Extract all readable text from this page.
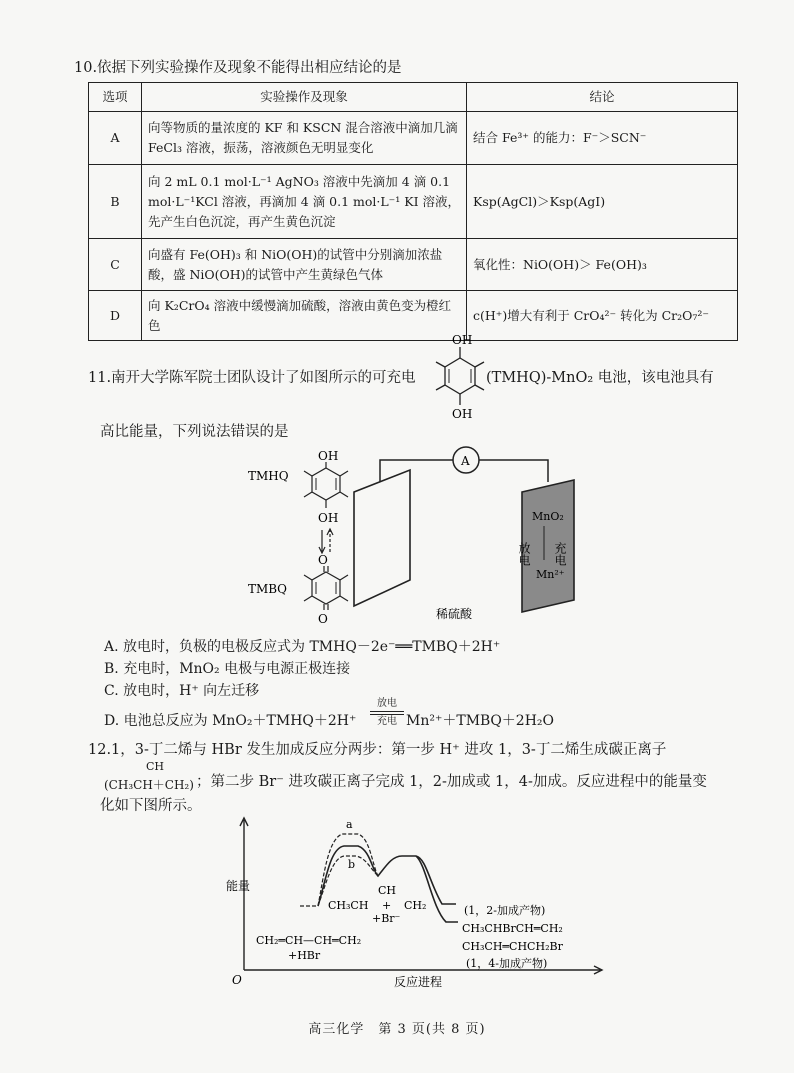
10.依据下列实验操作及现象不能得出相应结论的是
选项	实验操作及现象	结论
A	向等物质的量浓度的 KF 和 KSCN 混合溶液中滴加几滴 FeCl₃ 溶液，振荡，溶液颜色无明显变化	结合 Fe³⁺ 的能力：F⁻＞SCN⁻
B	向 2 mL 0.1 mol·L⁻¹ AgNO₃ 溶液中先滴加 4 滴 0.1 mol·L⁻¹KCl 溶液，再滴加 4 滴 0.1 mol·L⁻¹ KI 溶液，先产生白色沉淀，再产生黄色沉淀	Ksp(AgCl)＞Ksp(AgI)
C	向盛有 Fe(OH)₃ 和 NiO(OH)的试管中分别滴加浓盐酸，盛 NiO(OH)的试管中产生黄绿色气体	氧化性：NiO(OH)＞ Fe(OH)₃
D	向 K₂CrO₄ 溶液中缓慢滴加硫酸，溶液由黄色变为橙红色	c(H⁺)增大有利于 CrO₄²⁻ 转化为 Cr₂O₇²⁻
11.南开大学陈军院士团队设计了如图所示的可充电
OH
OH
(TMHQ)-MnO₂ 电池，该电池具有
高比能量，下列说法错误的是
TMHQ
OH
OH
O
TMBQ
O
A
MnO₂
放电 充电
Mn²⁺
稀硫酸
A. 放电时，负极的电极反应式为 TMHQ－2e⁻══TMBQ＋2H⁺
B. 充电时，MnO₂ 电极与电源正极连接
C. 放电时，H⁺ 向左迁移
D. 电池总反应为 MnO₂＋TMHQ＋2H⁺
放电
充电 Mn²⁺＋TMBQ＋2H₂O
12.1，3-丁二烯与 HBr 发生加成反应分两步：第一步 H⁺ 进攻 1，3-丁二烯生成碳正离子
CH
(CH₃CH＋CH₂) ；第二步 Br⁻ 进攻碳正离子完成 1，2-加成或 1，4-加成。反应进程中的能量变
化如下图所示。
能量
O	反应进程
a
b
CH₂═CH—CH═CH₂
+HBr
CH
CH₃CH + CH₂
+Br⁻
(1，2-加成产物)
CH₃CHBrCH═CH₂
CH₃CH═CHCH₂Br
(1，4-加成产物)
高三化学　第 3 页(共 8 页)
